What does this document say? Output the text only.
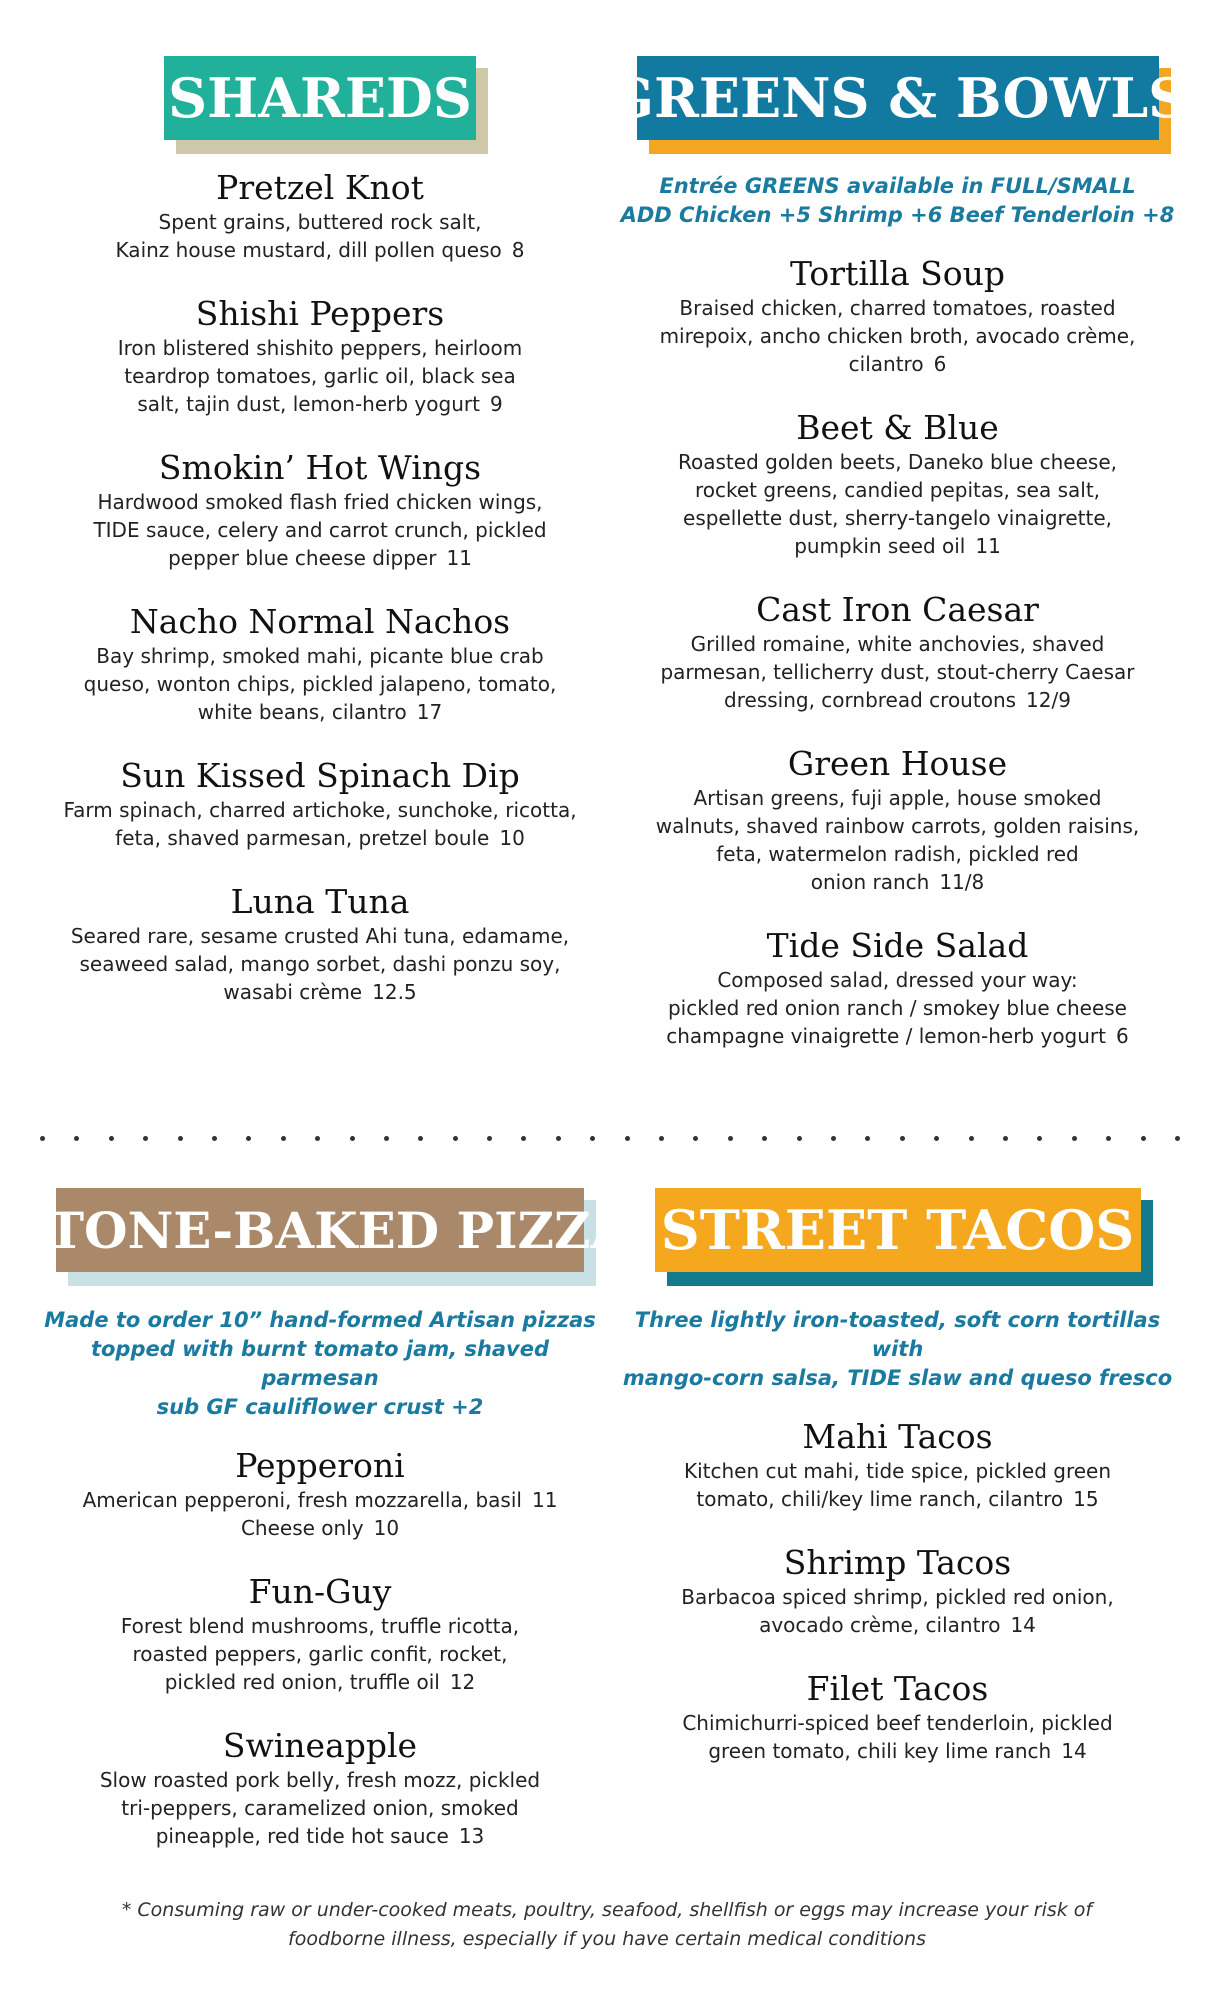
SHAREDS
Pretzel Knot
Spent grains, buttered rock salt,
Kainz house mustard, dill pollen queso 8
Shishi Peppers
Iron blistered shishito peppers, heirloom
teardrop tomatoes, garlic oil, black sea
salt, tajin dust, lemon-herb yogurt 9
Smokin’ Hot Wings
Hardwood smoked flash fried chicken wings,
TIDE sauce, celery and carrot crunch, pickled
pepper blue cheese dipper 11
Nacho Normal Nachos
Bay shrimp, smoked mahi, picante blue crab
queso, wonton chips, pickled jalapeno, tomato,
white beans, cilantro 17
Sun Kissed Spinach Dip
Farm spinach, charred artichoke, sunchoke, ricotta,
feta, shaved parmesan, pretzel boule 10
Luna Tuna
Seared rare, sesame crusted Ahi tuna, edamame,
seaweed salad, mango sorbet, dashi ponzu soy,
wasabi crème 12.5
GREENS & BOWLS
Entrée GREENS available in FULL/SMALL
ADD Chicken +5 Shrimp +6 Beef Tenderloin +8
Tortilla Soup
Braised chicken, charred tomatoes, roasted
mirepoix, ancho chicken broth, avocado crème,
cilantro 6
Beet & Blue
Roasted golden beets, Daneko blue cheese,
rocket greens, candied pepitas, sea salt,
espellette dust, sherry-tangelo vinaigrette,
pumpkin seed oil 11
Cast Iron Caesar
Grilled romaine, white anchovies, shaved
parmesan, tellicherry dust, stout-cherry Caesar
dressing, cornbread croutons 12/9
Green House
Artisan greens, fuji apple, house smoked
walnuts, shaved rainbow carrots, golden raisins,
feta, watermelon radish, pickled red
onion ranch 11/8
Tide Side Salad
Composed salad, dressed your way:
pickled red onion ranch / smokey blue cheese
champagne vinaigrette / lemon-herb yogurt 6
STONE-BAKED PIZZA
Made to order 10” hand-formed Artisan pizzas
topped with burnt tomato jam, shaved parmesan
sub GF cauliflower crust +2
Pepperoni
American pepperoni, fresh mozzarella, basil 11
Cheese only 10
Fun-Guy
Forest blend mushrooms, truffle ricotta,
roasted peppers, garlic confit, rocket,
pickled red onion, truffle oil 12
Swineapple
Slow roasted pork belly, fresh mozz, pickled
tri-peppers, caramelized onion, smoked
pineapple, red tide hot sauce 13
STREET TACOS
Three lightly iron-toasted, soft corn tortillas with
mango-corn salsa, TIDE slaw and queso fresco
Mahi Tacos
Kitchen cut mahi, tide spice, pickled green
tomato, chili/key lime ranch, cilantro 15
Shrimp Tacos
Barbacoa spiced shrimp, pickled red onion,
avocado crème, cilantro 14
Filet Tacos
Chimichurri-spiced beef tenderloin, pickled
green tomato, chili key lime ranch 14
* Consuming raw or under-cooked meats, poultry, seafood, shellfish or eggs may increase your risk of
foodborne illness, especially if you have certain medical conditions
